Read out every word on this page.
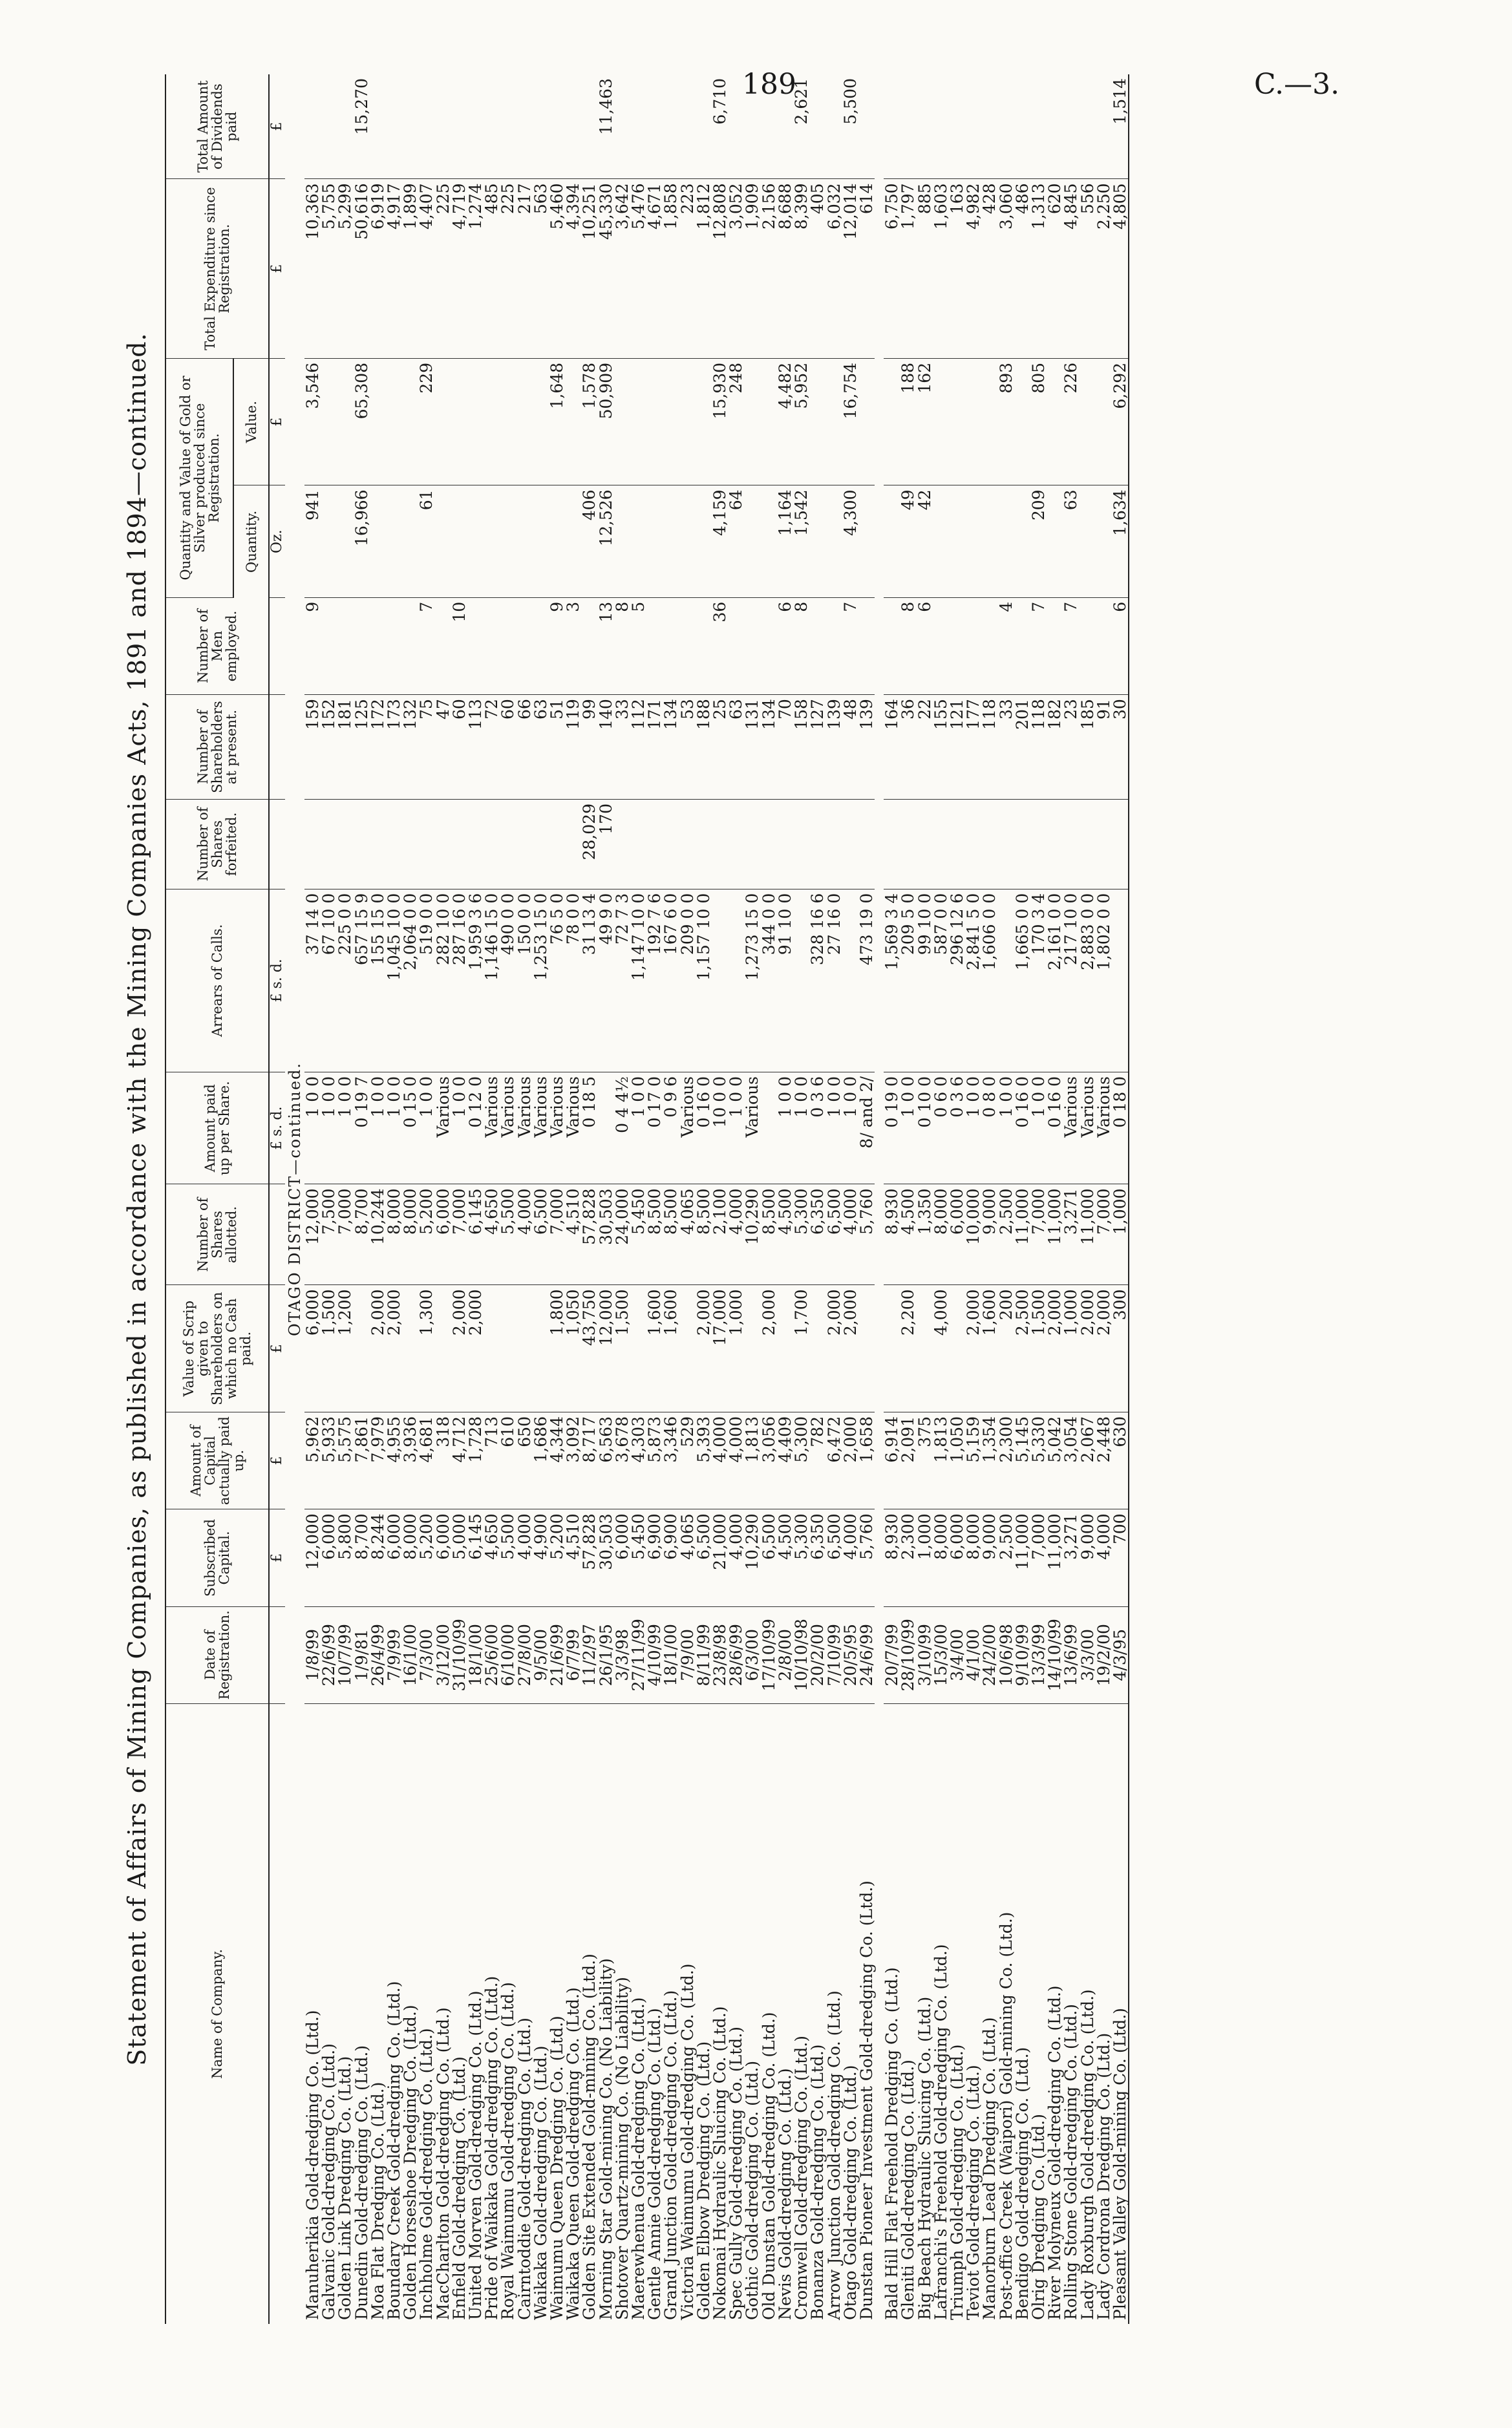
189	C.—3.
Statement of Affairs of Mining Companies, as published in accordance with the Mining Companies Acts, 1891 and 1894—continued.	Name of Company.	Date of Registration.	Subscribed Capital.	Amount of Capital actually paid up.	Value of Scrip given to Shareholders on which no Cash paid.	Number of Shares allotted.	Amount paid up per Share.	Arrears of Calls.	Number of Shares forfeited.	Number of Shareholders at present.	Number of Men employed.	Quantity and Value of Gold or Silver produced since Registration.		Total Expenditure since Registration.	Total Amount of Dividends paid
											Quantity.	Value.		
		£	£	£		£ s. d.	£ s. d.				Oz.	£	£	£
OTAGO DISTRICT—continued.														
Manuherikia Gold-dredging Co. (Ltd.)	1/8/99	12,000	5,962	6,000	12,000	1 0 0	37 14 0		159	9	941	3,546	10,363	
Galvanic Gold-dredging Co. (Ltd.)	22/6/99	6,000	5,933	1,500	7,500	1 0 0	67 10 0		152				5,755	
Golden Link Dredging Co. (Ltd.)	10/7/99	5,800	5,575	1,200	7,000	1 0 0	225 0 0		181				5,299	
Dunedin Gold-dredging Co. (Ltd.)	1/9/81	8,700	7,861		8,700	0 19 7	657 15 9		125		16,966	65,308	50,616	15,270
Moa Flat Dredging Co. (Ltd.)	26/4/99	8,244	7,979	2,000	10,244	1 0 0	155 15 0		172				6,919	
Boundary Creek Gold-dredging Co. (Ltd.)	7/9/99	6,000	4,955	2,000	8,000	1 0 0	1,045 10 0		173				4,917	
Golden Horseshoe Dredging Co. (Ltd.)	16/1/00	8,000	3,936		8,000	0 15 0	2,064 0 0		132				1,899	
Inchholme Gold-dredging Co. (Ltd.)	7/3/00	5,200	4,681	1,300	5,200	1 0 0	519 0 0		75	7	61	229	4,407	
MacCharlton Gold-dredging Co. (Ltd.)	3/12/00	6,000	318		6,000	Various	282 10 0		47				225	
Enfield Gold-dredging Co. (Ltd.)	31/10/99	5,000	4,712	2,000	7,000	1 0 0	287 16 0		60	10			4,719	
United Morven Gold-dredging Co. (Ltd.)	18/1/00	6,145	1,728	2,000	6,145	0 12 0	1,959 3 6		113				1,274	
Pride of Waikaka Gold-dredging Co. (Ltd.)	25/6/00	4,650	713		4,650	Various	1,146 15 0		72				485	
Royal Waimumu Gold-dredging Co. (Ltd.)	6/10/00	5,500	610		5,500	Various	490 0 0		60				225	
Cairntoddie Gold-dredging Co. (Ltd.)	27/8/00	4,000	650		4,000	Various	150 0 0		66				217	
Waikaka Gold-dredging Co. (Ltd.)	9/5/00	4,900	1,686		6,500	Various	1,253 15 0		63				563	
Waimumu Queen Dredging Co. (Ltd.)	21/6/99	5,200	4,344	1,800	7,000	Various	76 5 0		51	9		1,648	5,460	
Waikaka Queen Gold-dredging Co. (Ltd.)	6/7/99	4,510	3,092	1,050	4,510	Various	78 0 0		119	3			4,394	
Golden Site Extended Gold-mining Co. (Ltd.)	11/2/97	57,828	8,717	43,750	57,828	0 18 5	31 13 4	28,029	99		406	1,578	10,251	
Morning Star Gold-mining Co. (No Liability)	26/1/95	30,503	6,563	12,000	30,503		49 9 0	170	140	13	12,526	50,909	45,330	11,463
Shotover Quartz-mining Co. (No Liability)	3/3/98	6,000	3,678	1,500	24,000	0 4 4½	72 7 3		33	8			3,642	
Maerewhenua Gold-dredging Co. (Ltd.)	27/11/99	5,450	4,303		5,450	1 0 0	1,147 10 0		112	5			5,476	
Gentle Annie Gold-dredging Co. (Ltd.)	4/10/99	6,900	5,873	1,600	8,500	0 17 0	192 7 6		171				4,671	
Grand Junction Gold-dredging Co. (Ltd.)	18/1/00	6,900	3,346	1,600	8,500	0 9 6	167 6 0		134				1,858	
Victoria Waimumu Gold-dredging Co. (Ltd.)	7/9/00	4,065	529		4,065	Various	209 0 0		53				223	
Golden Elbow Dredging Co. (Ltd.)	8/11/99	6,500	5,393	2,000	8,500	0 16 0	1,157 10 0		188				1,812	
Nokomai Hydraulic Sluicing Co. (Ltd.)	23/8/98	21,000	4,000	17,000	2,100	10 0 0			25	36	4,159	15,930	12,808	6,710
Spec Gully Gold-dredging Co. (Ltd.)	28/6/99	4,000	4,000	1,000	4,000	1 0 0			63		64	248	3,052	
Gothic Gold-dredging Co. (Ltd.)	6/3/00	10,290	1,813		10,290	Various	1,273 15 0		131				1,909	
Old Dunstan Gold-dredging Co. (Ltd.)	17/10/99	6,500	3,056	2,000	8,500		344 0 0		134				2,156	
Nevis Gold-dredging Co. (Ltd.)	2/8/00	4,500	4,409		4,500	1 0 0	91 10 0		70	6	1,164	4,482	8,688	
Cromwell Gold-dredging Co. (Ltd.)	10/10/98	5,300	5,300	1,700	5,300	1 0 0			158	8	1,542	5,952	8,399	2,621
Bonanza Gold-dredging Co. (Ltd.)	20/2/00	6,350	782		6,350	0 3 6	328 16 6		127				405	
Arrow Junction Gold-dredging Co. (Ltd.)	7/10/99	6,500	6,472	2,000	6,500	1 0 0	27 16 0		139				6,032	
Otago Gold-dredging Co. (Ltd.)	20/5/95	4,000	2,000	2,000	4,000	1 0 0			48	7	4,300	16,754	12,014	5,500
Dunstan Pioneer Investment Gold-dredging Co. (Ltd.)	24/6/99	5,760	1,658		5,760	8/ and 2/	473 19 0		139				614	

Bald Hill Flat Freehold Dredging Co. (Ltd.)	20/7/99	8,930	6,914		8,930	0 19 0	1,569 3 4		164				6,750	
Gleniti Gold-dredging Co. (Ltd.)	28/10/99	2,300	2,091	2,200	4,500	1 0 0	209 5 0		36	8	49	188	1,797	
Big Beach Hydraulic Sluicing Co. (Ltd.)	3/10/99	1,000	375		1,350	0 10 0	99 10 0		22	6	42	162	885	
Lafranchi's Freehold Gold-dredging Co. (Ltd.)	15/3/00	8,000	1,813	4,000	8,000	0 6 0	587 0 0		155				1,603	
Triumph Gold-dredging Co. (Ltd.)	3/4/00	6,000	1,050		6,000	0 3 6	296 12 6		121				163	
Teviot Gold-dredging Co. (Ltd.)	4/1/00	8,000	5,159	2,000	10,000	1 0 0	2,841 5 0		177				4,982	
Manorburn Lead Dredging Co. (Ltd.)	24/2/00	9,000	1,354	1,600	9,000	0 8 0	1,606 0 0		118				428	
Post-office Creek (Waipori) Gold-mining Co. (Ltd.)	10/6/98	2,500	2,300	200	2,500	1 0 0			33	4		893	3,060	
Bendigo Gold-dredging Co. (Ltd.)	9/10/99	11,000	5,145	2,500	11,000	0 16 0	1,665 0 0		201				486	
Olrig Dredging Co. (Ltd.)	13/3/99	7,000	5,330	1,500	7,000	1 0 0	170 3 4		118	7	209	805	1,313	
River Molyneux Gold-dredging Co. (Ltd.)	14/10/99	11,000	5,042	2,000	11,000	0 16 0	2,161 0 0		182				620	
Rolling Stone Gold-dredging Co. (Ltd.)	13/6/99	3,271	3,054	1,000	3,271	Various	217 10 0		23	7	63	226	4,845	
Lady Roxburgh Gold-dredging Co. (Ltd.)	3/3/00	9,000	2,067	2,000	11,000	Various	2,883 0 0		185				556	
Lady Cordrona Dredging Co. (Ltd.)	19/2/00	4,000	2,448	2,000	7,000	Various	1,802 0 0		91				2,250	
Pleasant Valley Gold-mining Co. (Ltd.)	4/3/95	700	630	300	1,000	0 18 0			30	6	1,634	6,292	4,805	1,514
